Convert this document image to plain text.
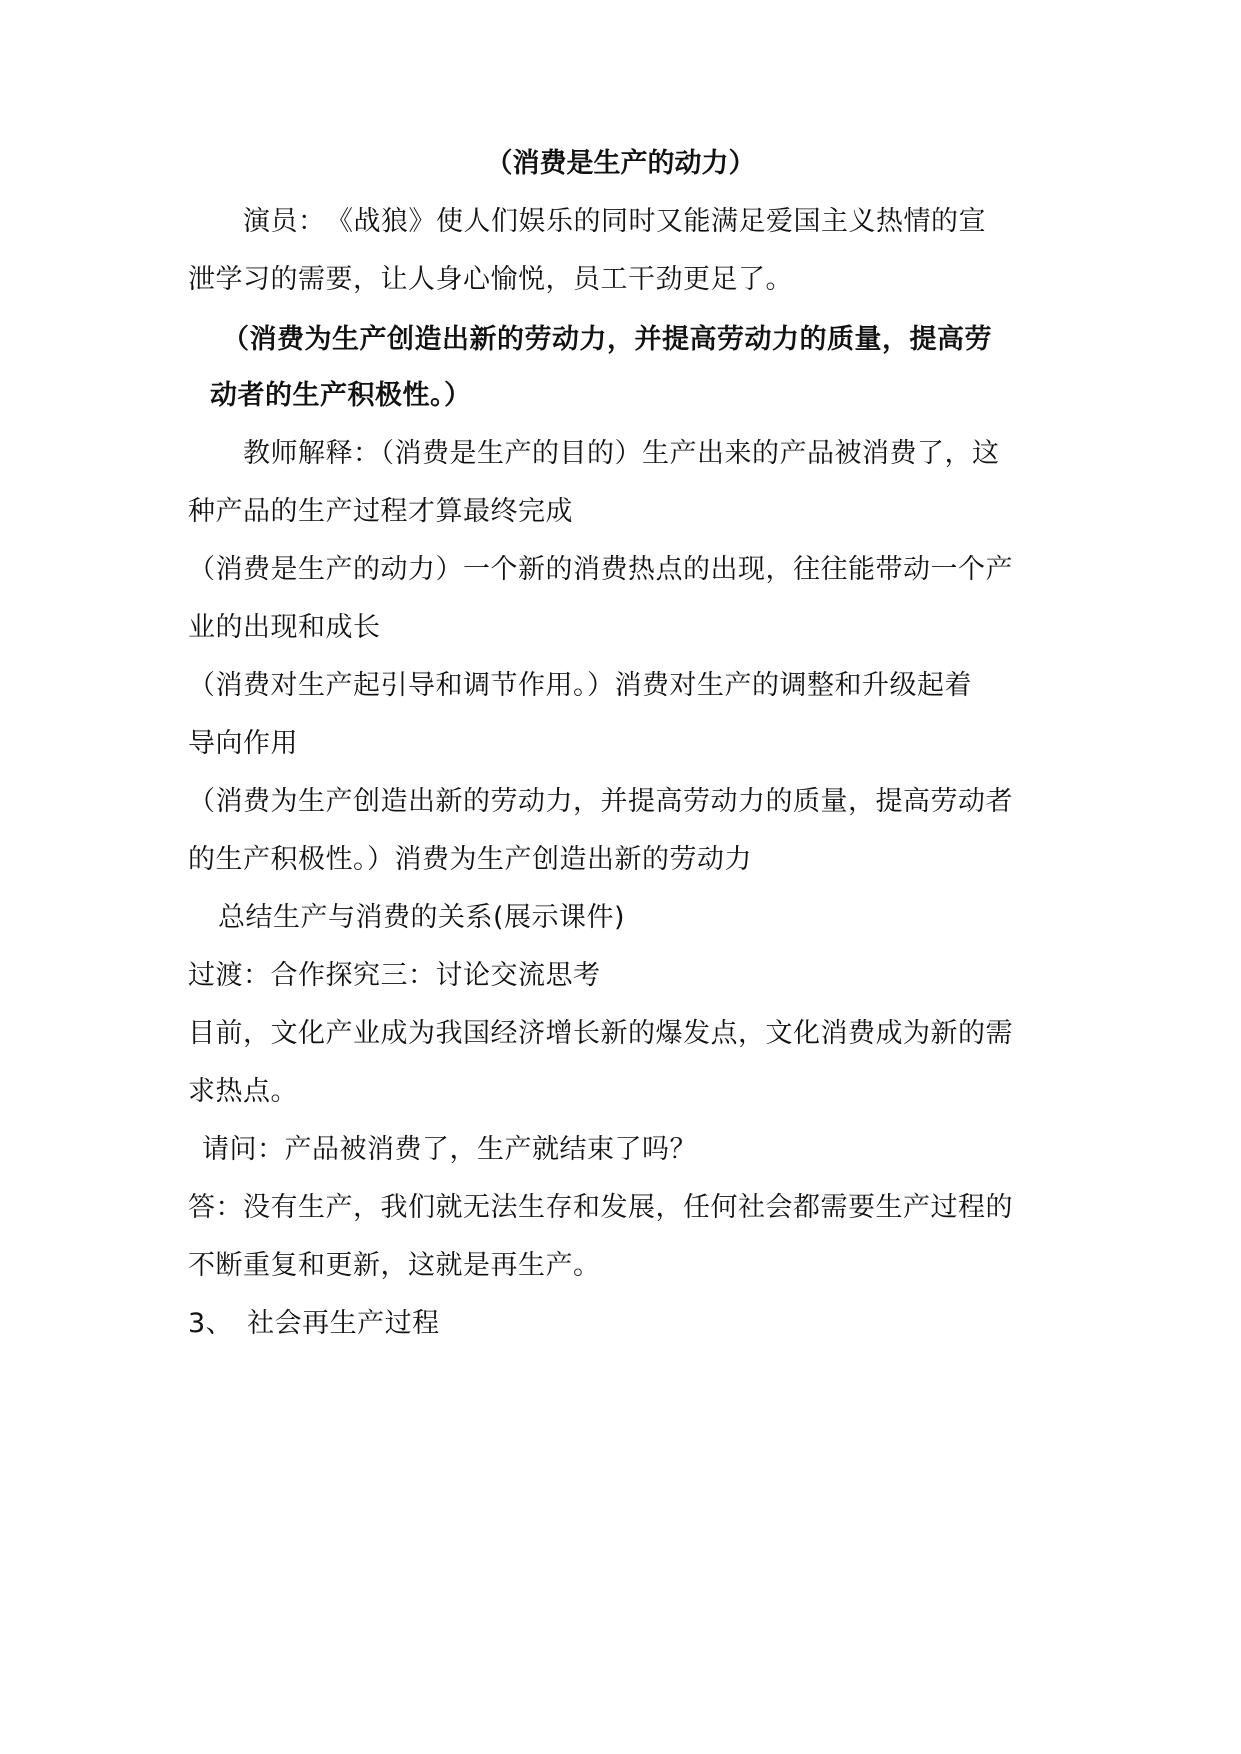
（消费是生产的动力）
　　演员：　《战狼》使人们娱乐的同时又能满足爱国主义热情的宣
泄学习的需要，让人身心愉悦，员工干劲更足了。
（消费为生产创造出新的劳动力，并提高劳动力的质量，提高劳
动者的生产积极性。）
　　教师解释：（消费是生产的目的）生产出来的产品被消费了，这
种产品的生产过程才算最终完成
（消费是生产的动力）一个新的消费热点的出现，往往能带动一个产
业的出现和成长
（消费对生产起引导和调节作用。）消费对生产的调整和升级起着
导向作用
（消费为生产创造出新的劳动力，并提高劳动力的质量，提高劳动者
的生产积极性。）消费为生产创造出新的劳动力
总结生产与消费的关系(展示课件)
过渡：合作探究三：讨论交流思考
目前，文化产业成为我国经济增长新的爆发点，文化消费成为新的需
求热点。
请问：产品被消费了，生产就结束了吗？
答：没有生产，我们就无法生存和发展，任何社会都需要生产过程的
不断重复和更新，这就是再生产。
3、　社会再生产过程
